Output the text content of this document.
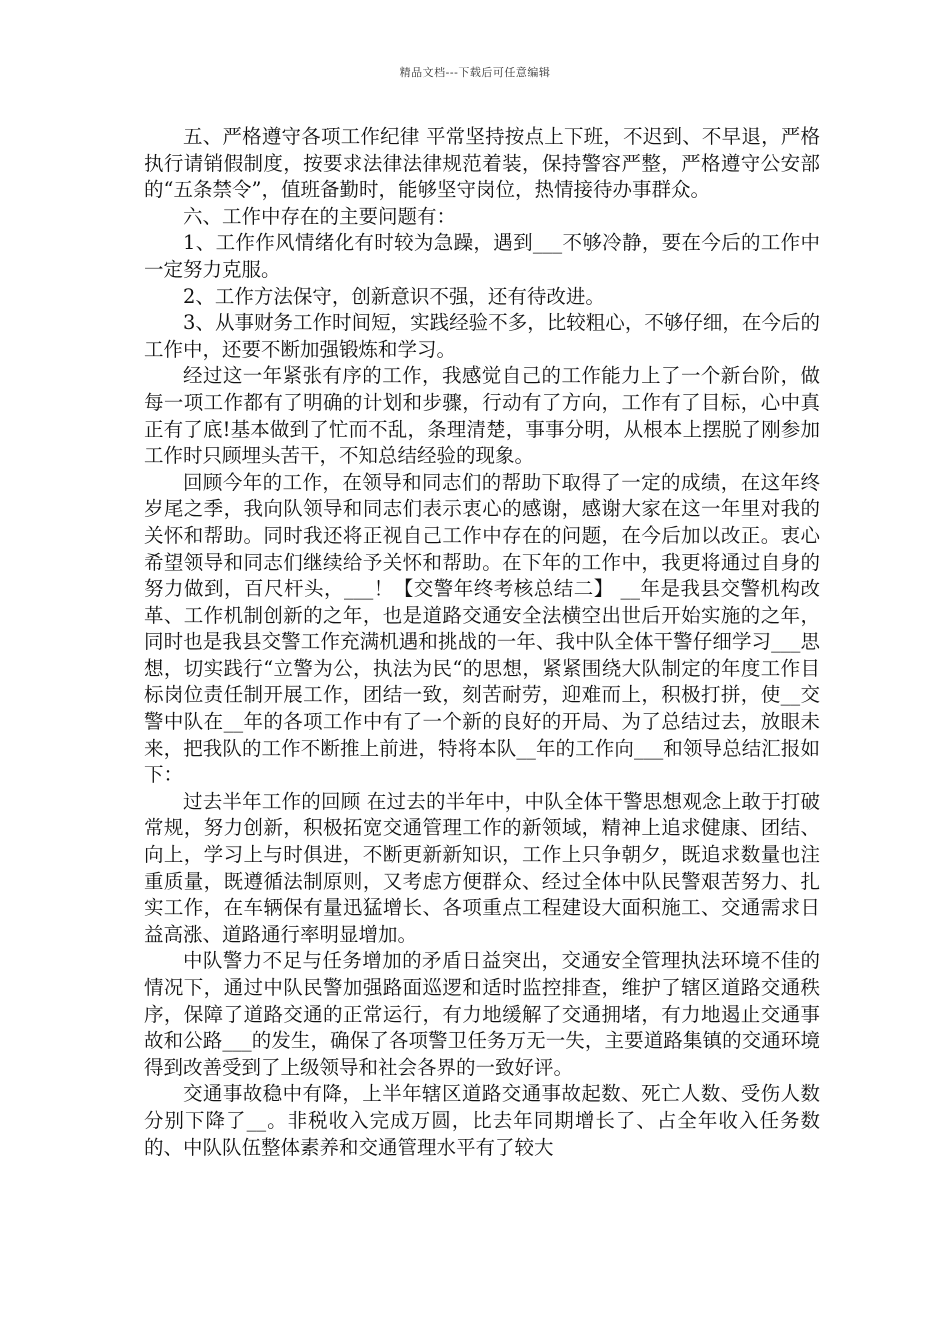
精品文档---下载后可任意编辑

五、严格遵守各项工作纪律 平常坚持按点上下班，不迟到、不早退，严格执行请销假制度，按要求法律法律规范着装，保持警容严整，严格遵守公安部的“五条禁令”，值班备勤时，能够坚守岗位，热情接待办事群众。

六、工作中存在的主要问题有：

1、工作作风情绪化有时较为急躁，遇到___不够冷静，要在今后的工作中一定努力克服。

2、工作方法保守，创新意识不强，还有待改进。

3、从事财务工作时间短，实践经验不多，比较粗心，不够仔细，在今后的工作中，还要不断加强锻炼和学习。

经过这一年紧张有序的工作，我感觉自己的工作能力上了一个新台阶，做每一项工作都有了明确的计划和步骤，行动有了方向，工作有了目标，心中真正有了底!基本做到了忙而不乱，条理清楚，事事分明，从根本上摆脱了刚参加工作时只顾埋头苦干，不知总结经验的现象。

回顾今年的工作，在领导和同志们的帮助下取得了一定的成绩，在这年终岁尾之季，我向队领导和同志们表示衷心的感谢，感谢大家在这一年里对我的关怀和帮助。同时我还将正视自己工作中存在的问题，在今后加以改正。衷心希望领导和同志们继续给予关怀和帮助。在下年的工作中，我更将通过自身的努力做到，百尺杆头，___！【交警年终考核总结二】 __年是我县交警机构改革、工作机制创新的之年，也是道路交通安全法横空出世后开始实施的之年，同时也是我县交警工作充满机遇和挑战的一年、我中队全体干警仔细学习___思想，切实践行“立警为公，执法为民“的思想，紧紧围绕大队制定的年度工作目标岗位责任制开展工作，团结一致，刻苦耐劳，迎难而上，积极打拼，使__交警中队在__年的各项工作中有了一个新的良好的开局、为了总结过去，放眼未来，把我队的工作不断推上前进，特将本队__年的工作向___和领导总结汇报如下：

过去半年工作的回顾 在过去的半年中，中队全体干警思想观念上敢于打破常规，努力创新，积极拓宽交通管理工作的新领域，精神上追求健康、团结、向上，学习上与时俱进，不断更新新知识，工作上只争朝夕，既追求数量也注重质量，既遵循法制原则，又考虑方便群众、经过全体中队民警艰苦努力、扎实工作，在车辆保有量迅猛增长、各项重点工程建设大面积施工、交通需求日益高涨、道路通行率明显增加。

中队警力不足与任务增加的矛盾日益突出，交通安全管理执法环境不佳的情况下，通过中队民警加强路面巡逻和适时监控排查，维护了辖区道路交通秩序，保障了道路交通的正常运行，有力地缓解了交通拥堵，有力地遏止交通事故和公路___的发生，确保了各项警卫任务万无一失，主要道路集镇的交通环境得到改善受到了上级领导和社会各界的一致好评。

交通事故稳中有降，上半年辖区道路交通事故起数、死亡人数、受伤人数分别下降了__。非税收入完成万圆，比去年同期增长了、占全年收入任务数的、中队队伍整体素养和交通管理水平有了较大
